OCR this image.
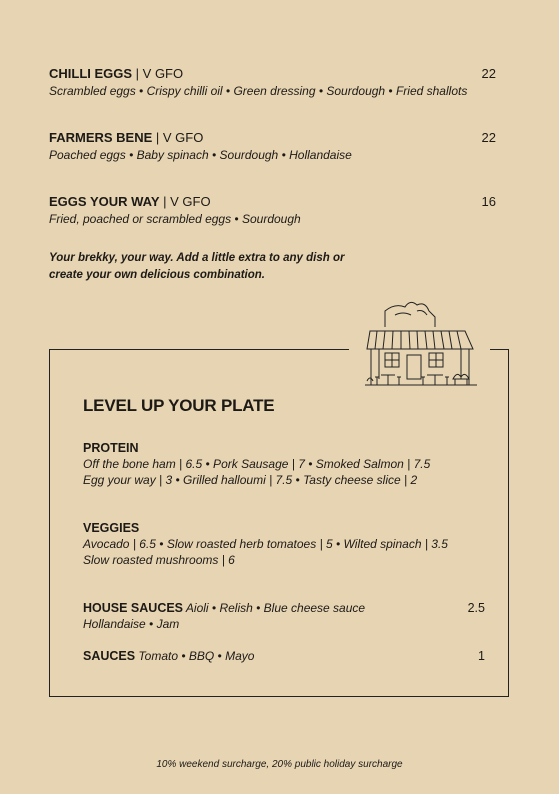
CHILLI EGGS | V GFO	22
Scrambled eggs • Crispy chilli oil • Green dressing • Sourdough • Fried shallots
FARMERS BENE | V GFO	22
Poached eggs • Baby spinach • Sourdough • Hollandaise
EGGS YOUR WAY | V GFO	16
Fried, poached or scrambled eggs • Sourdough
Your brekky, your way. Add a little extra to any dish or
create your own delicious combination.
LEVEL UP YOUR PLATE
PROTEIN
Off the bone ham | 6.5 • Pork Sausage | 7 • Smoked Salmon | 7.5
Egg your way | 3 • Grilled halloumi | 7.5 • Tasty cheese slice | 2
VEGGIES
Avocado | 6.5 • Slow roasted herb tomatoes | 5 • Wilted spinach | 3.5
Slow roasted mushrooms | 6
HOUSE SAUCES Aioli • Relish • Blue cheese sauce
Hollandaise • Jam
2.5
SAUCES Tomato • BBQ • Mayo	1
10% weekend surcharge, 20% public holiday surcharge
